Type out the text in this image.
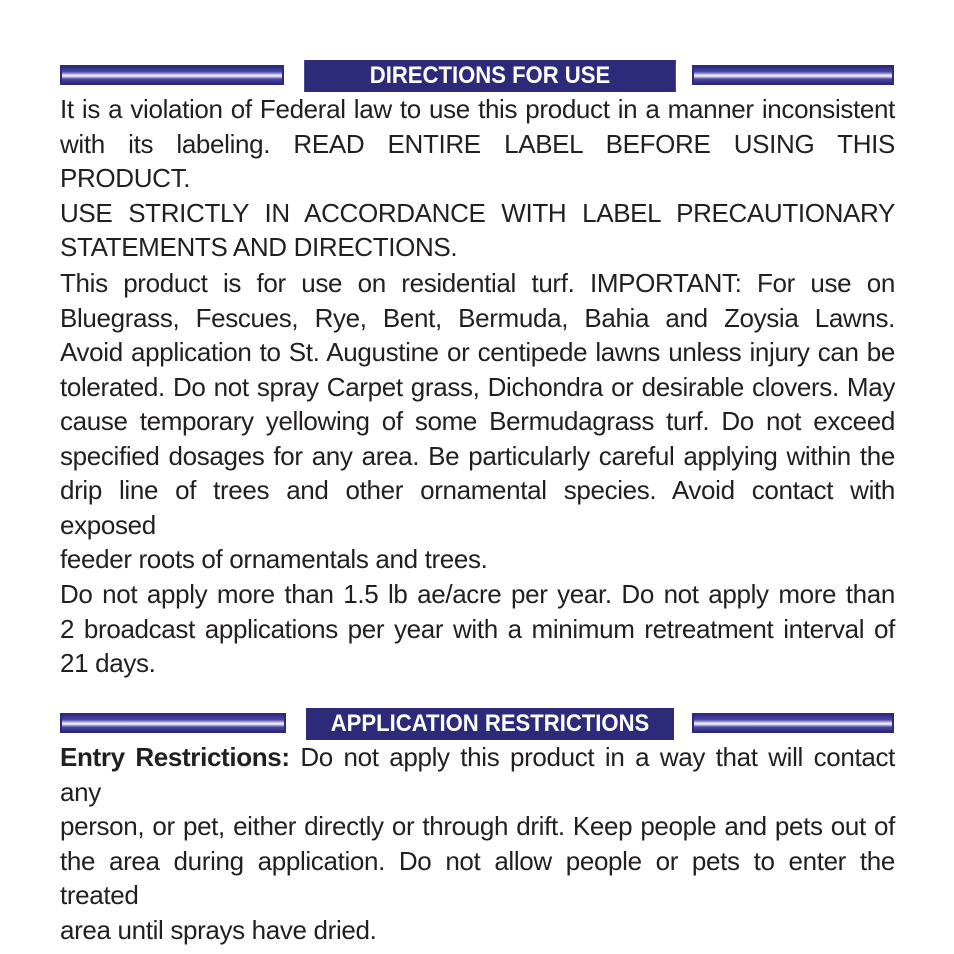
DIRECTIONS FOR USE

It is a violation of Federal law to use this product in a manner inconsistent
with its labeling. READ ENTIRE LABEL BEFORE USING THIS PRODUCT.
USE STRICTLY IN ACCORDANCE WITH LABEL PRECAUTIONARY
STATEMENTS AND DIRECTIONS.

This product is for use on residential turf. IMPORTANT: For use on
Bluegrass, Fescues, Rye, Bent, Bermuda, Bahia and Zoysia Lawns.
Avoid application to St. Augustine or centipede lawns unless injury can be
tolerated. Do not spray Carpet grass, Dichondra or desirable clovers. May
cause temporary yellowing of some Bermudagrass turf. Do not exceed
specified dosages for any area. Be particularly careful applying within the
drip line of trees and other ornamental species. Avoid contact with exposed
feeder roots of ornamentals and trees.

Do not apply more than 1.5 lb ae/acre per year. Do not apply more than
2 broadcast applications per year with a minimum retreatment interval of
21 days.

APPLICATION RESTRICTIONS

Entry Restrictions: Do not apply this product in a way that will contact any
person, or pet, either directly or through drift. Keep people and pets out of
the area during application. Do not allow people or pets to enter the treated
area until sprays have dried.
